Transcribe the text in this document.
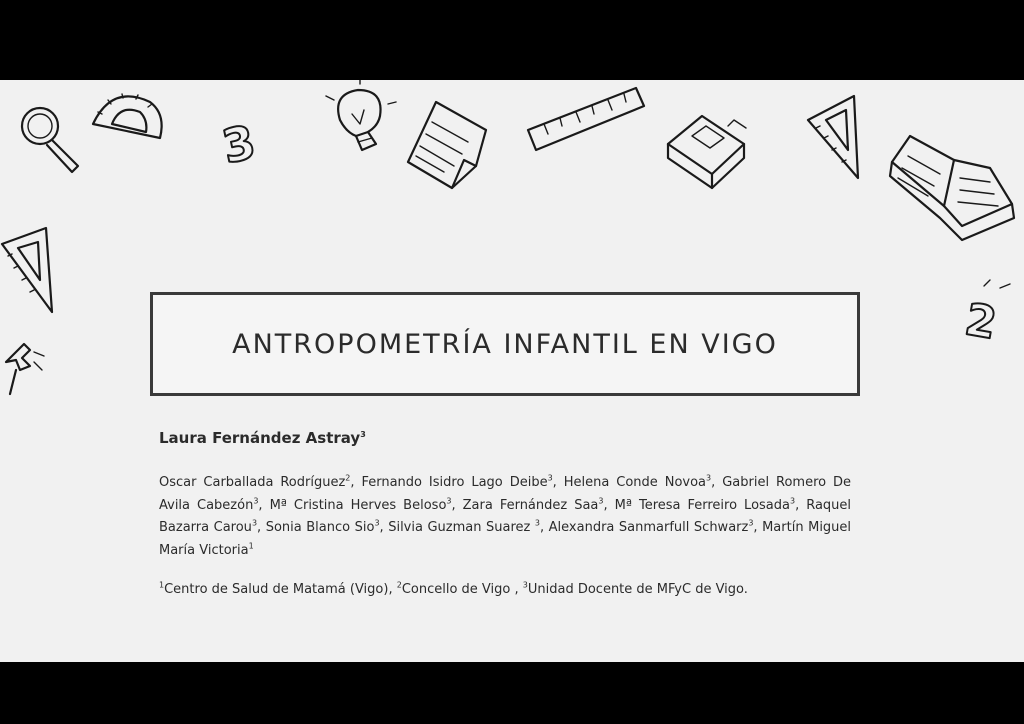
3
2
ANTROPOMETRÍA INFANTIL EN VIGO
Laura Fernández Astray$^3$

Oscar Carballada Rodríguez$^2$, Fernando Isidro Lago Deibe$^3$, Helena Conde Novoa$^3$, Gabriel Romero De Avila Cabezón$^3$, Mª Cristina Herves Beloso$^3$, Zara Fernández Saa$^3$, Mª Teresa Ferreiro Losada$^3$, Raquel Bazarra Carou$^3$, Sonia Blanco Sio$^3$, Silvia Guzman Suarez $^3$, Alexandra Sanmarfull Schwarz$^3$, Martín Miguel María Victoria$^1$

$^1$Centro de Salud de Matamá (Vigo), $^2$Concello de Vigo , $^3$Unidad Docente de MFyC de Vigo.
